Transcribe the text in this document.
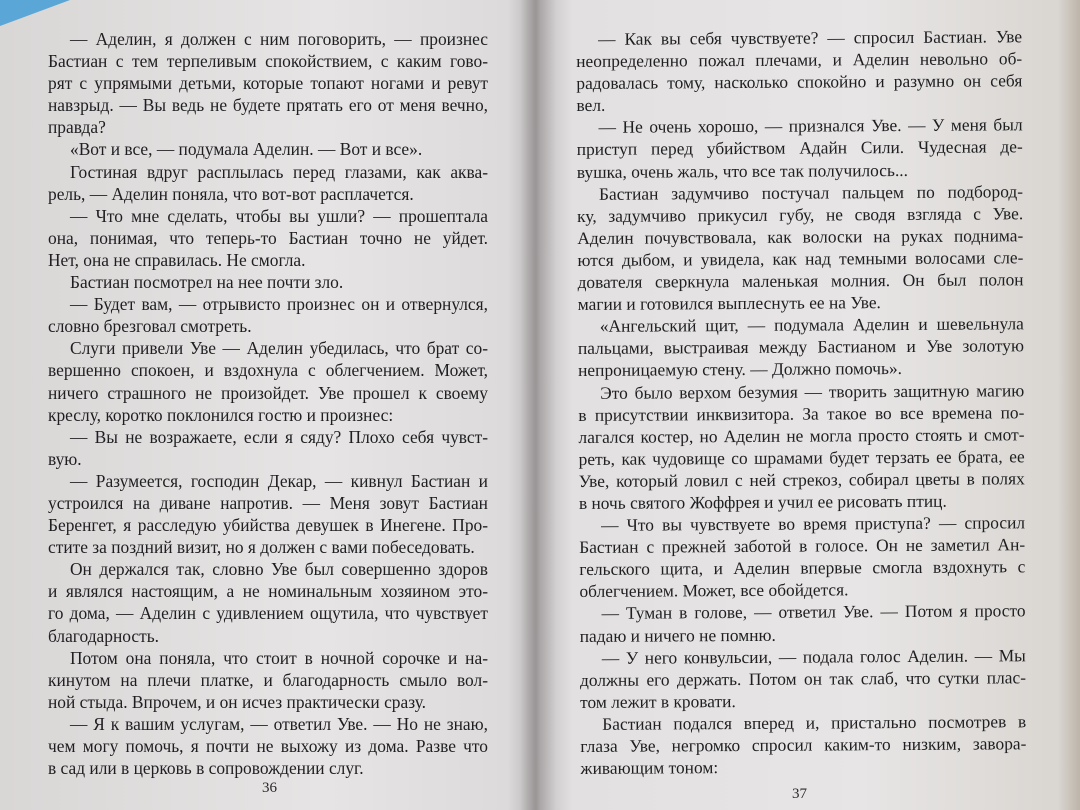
— Аделин, я должен с ним поговорить, — произнес
Бастиан с тем терпеливым спокойствием, с каким гово-
рят с упрямыми детьми, которые топают ногами и ревут
навзрыд. — Вы ведь не будете прятать его от меня вечно,
правда?
«Вот и все, — подумала Аделин. — Вот и все».
Гостиная вдруг расплылась перед глазами, как аква-
рель, — Аделин поняла, что вот-вот расплачется.
— Что мне сделать, чтобы вы ушли? — прошептала
она, понимая, что теперь-то Бастиан точно не уйдет.
Нет, она не справилась. Не смогла.
Бастиан посмотрел на нее почти зло.
— Будет вам, — отрывисто произнес он и отвернулся,
словно брезговал смотреть.
Слуги привели Уве — Аделин убедилась, что брат со-
вершенно спокоен, и вздохнула с облегчением. Может,
ничего страшного не произойдет. Уве прошел к своему
креслу, коротко поклонился гостю и произнес:
— Вы не возражаете, если я сяду? Плохо себя чувст-
вую.
— Разумеется, господин Декар, — кивнул Бастиан и
устроился на диване напротив. — Меня зовут Бастиан
Беренгет, я расследую убийства девушек в Инегене. Про-
стите за поздний визит, но я должен с вами побеседовать.
Он держался так, словно Уве был совершенно здоров
и являлся настоящим, а не номинальным хозяином это-
го дома, — Аделин с удивлением ощутила, что чувствует
благодарность.
Потом она поняла, что стоит в ночной сорочке и на-
кинутом на плечи платке, и благодарность смыло вол-
ной стыда. Впрочем, и он исчез практически сразу.
— Я к вашим услугам, — ответил Уве. — Но не знаю,
чем могу помочь, я почти не выхожу из дома. Разве что
в сад или в церковь в сопровождении слуг.
— Как вы себя чувствуете? — спросил Бастиан. Уве
неопределенно пожал плечами, и Аделин невольно об-
радовалась тому, насколько спокойно и разумно он себя
вел.
— Не очень хорошо, — признался Уве. — У меня был
приступ перед убийством Адайн Сили. Чудесная де-
вушка, очень жаль, что все так получилось...
Бастиан задумчиво постучал пальцем по подбород-
ку, задумчиво прикусил губу, не сводя взгляда с Уве.
Аделин почувствовала, как волоски на руках поднима-
ются дыбом, и увидела, как над темными волосами сле-
дователя сверкнула маленькая молния. Он был полон
магии и готовился выплеснуть ее на Уве.
«Ангельский щит, — подумала Аделин и шевельнула
пальцами, выстраивая между Бастианом и Уве золотую
непроницаемую стену. — Должно помочь».
Это было верхом безумия — творить защитную магию
в присутствии инквизитора. За такое во все времена по-
лагался костер, но Аделин не могла просто стоять и смот-
реть, как чудовище со шрамами будет терзать ее брата, ее
Уве, который ловил с ней стрекоз, собирал цветы в полях
в ночь святого Жоффрея и учил ее рисовать птиц.
— Что вы чувствуете во время приступа? — спросил
Бастиан с прежней заботой в голосе. Он не заметил Ан-
гельского щита, и Аделин впервые смогла вздохнуть с
облегчением. Может, все обойдется.
— Туман в голове, — ответил Уве. — Потом я просто
падаю и ничего не помню.
— У него конвульсии, — подала голос Аделин. — Мы
должны его держать. Потом он так слаб, что сутки плас-
том лежит в кровати.
Бастиан подался вперед и, пристально посмотрев в
глаза Уве, негромко спросил каким-то низким, завора-
живающим тоном:
36	37
